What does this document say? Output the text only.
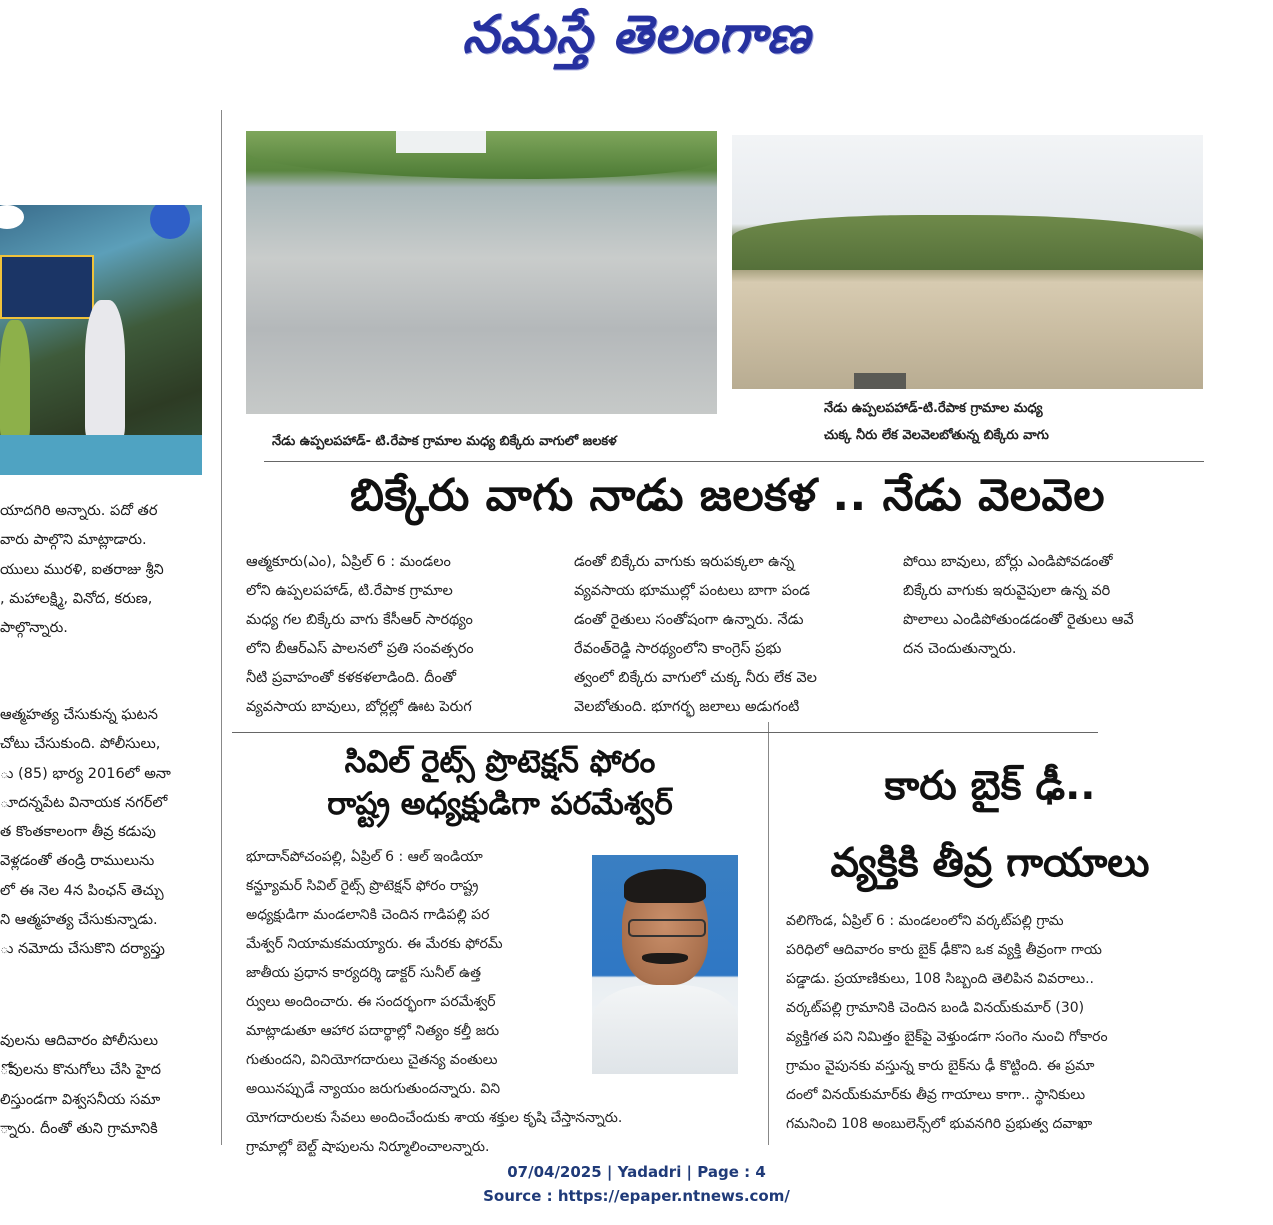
నమస్తే తెలంగాణ

యాదగిరి అన్నారు. పదో తర

వారు పాల్గొని మాట్లాడారు.

యులు మురళి, ఐతరాజు శ్రీని

, మహాలక్ష్మి, వినోద, కరుణ,

పాల్గొన్నారు.

ఆత్మహత్య చేసుకున్న ఘటన

చోటు చేసుకుంది. పోలీసులు,

ు (85) భార్య 2016లో అనా

ూదన్నపేట వినాయక నగర్‌లో

త కొంతకాలంగా తీవ్ర కడుపు

వెళ్లడంతో తండ్రి రాములును

లో ఈ నెల 4న పింఛన్ తెచ్చు

ని ఆత్మహత్య చేసుకున్నాడు.

ు నమోదు చేసుకొని దర్యాప్తు

వులను ఆదివారం పోలీసులు

ోవులను కొనుగోలు చేసి హైద

లిస్తుండగా విశ్వసనీయ సమా

్నారు. దీంతో తుని గ్రామానికి

నేడు ఉప్పలపహాడ్‌- టి.రేపాక గ్రామాల మధ్య బిక్కేరు వాగులో జలకళ
నేడు ఉప్పలపహాడ్‌-టి.రేపాక గ్రామాల మధ్య
చుక్క నీరు లేక వెలవెలబోతున్న బిక్కేరు వాగు
బిక్కేరు వాగు నాడు జలకళ .. నేడు వెలవెల

ఆత్మకూరు(ఎం), ఏప్రిల్ 6 : మండలం

లోని ఉప్పలపహాడ్‌, టి.రేపాక గ్రామాల

మధ్య గల బిక్కేరు వాగు కేసీఆర్ సారథ్యం

లోని బీఆర్‌ఎస్ పాలనలో ప్రతి సంవత్సరం

నీటి ప్రవాహంతో కళకళలాడింది. దీంతో

వ్యవసాయ బావులు, బోర్లల్లో ఊట పెరుగ

డంతో బిక్కేరు వాగుకు ఇరుపక్కలా ఉన్న

వ్యవసాయ భూముల్లో పంటలు బాగా పండ

డంతో రైతులు సంతోషంగా ఉన్నారు. నేడు

రేవంత్‌రెడ్డి సారథ్యంలోని కాంగ్రెస్ ప్రభు

త్వంలో బిక్కేరు వాగులో చుక్క నీరు లేక వెల

వెలబోతుంది. భూగర్భ జలాలు అడుగంటి

పోయి బావులు, బోర్లు ఎండిపోవడంతో

బిక్కేరు వాగుకు ఇరువైపులా ఉన్న వరి

పొలాలు ఎండిపోతుండడంతో రైతులు ఆవే

దన చెందుతున్నారు.

సివిల్ రైట్స్ ప్రొటెక్షన్ ఫోరం
రాష్ట్ర అధ్యక్షుడిగా పరమేశ్వర్

భూదాన్‌పోచంపల్లి, ఏప్రిల్ 6 : ఆల్ ఇండియా

కన్జ్యూమర్ సివిల్ రైట్స్ ప్రొటెక్షన్ ఫోరం రాష్ట్ర

అధ్యక్షుడిగా మండలానికి చెందిన గాడిపల్లి పర

మేశ్వర్ నియామకమయ్యారు. ఈ మేరకు ఫోరమ్

జాతీయ ప్రధాన కార్యదర్శి డాక్టర్ సునీల్ ఉత్త

ర్వులు అందించారు. ఈ సందర్భంగా పరమేశ్వర్

మాట్లాడుతూ ఆహార పదార్థాల్లో నిత్యం కల్తీ జరు

గుతుందని, వినియోగదారులు చైతన్య వంతులు

అయినప్పుడే న్యాయం జరుగుతుందన్నారు. విని

యోగదారులకు సేవలు అందించేందుకు శాయ శక్తుల కృషి చేస్తానన్నారు.

గ్రామాల్లో బెల్ట్ షాపులను నిర్మూలించాలన్నారు.

కారు బైక్ ఢీ..
వ్యక్తికి తీవ్ర గాయాలు

వలిగొండ, ఏప్రిల్ 6 : మండలంలోని వర్కట్‌పల్లి గ్రామ

పరిధిలో ఆదివారం కారు బైక్ ఢీకొని ఒక వ్యక్తి తీవ్రంగా గాయ

పడ్డాడు. ప్రయాణికులు, 108 సిబ్బంది తెలిపిన వివరాలు..

వర్కట్‌పల్లి గ్రామానికి చెందిన బండి వినయ్‌కుమార్ (30)

వ్యక్తిగత పని నిమిత్తం బైక్‌పై వెళ్తుండగా సంగెం నుంచి గోకారం

గ్రామం వైపునకు వస్తున్న కారు బైక్‌ను ఢీ కొట్టింది. ఈ ప్రమా

దంలో వినయ్‌కుమార్‌కు తీవ్ర గాయాలు కాగా.. స్థానికులు

గమనించి 108 అంబులెన్స్‌లో భువనగిరి ప్రభుత్వ దవాఖా

07/04/2025 | Yadadri | Page : 4
Source : https://epaper.ntnews.com/
